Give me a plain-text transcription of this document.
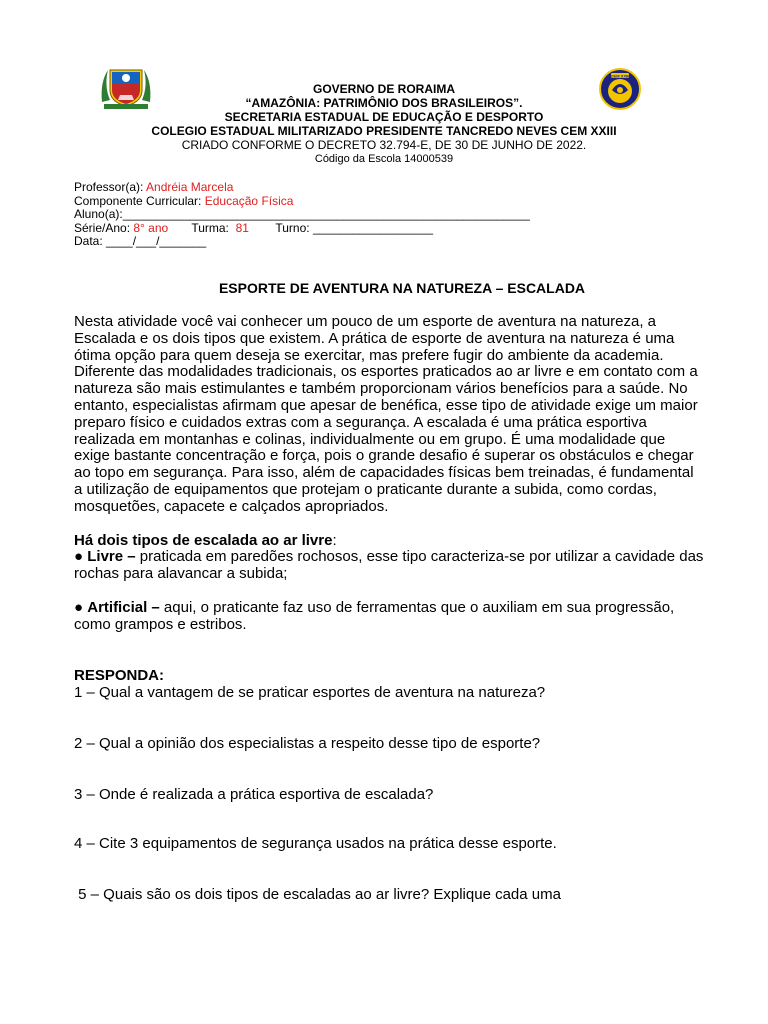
CEM XXIII
GOVERNO DE RORAIMA
“AMAZÔNIA: PATRIMÔNIO DOS BRASILEIROS”.
SECRETARIA ESTADUAL DE EDUCAÇÃO E DESPORTO
COLEGIO ESTADUAL MILITARIZADO PRESIDENTE TANCREDO NEVES CEM XXIII
CRIADO CONFORME O DECRETO 32.794-E, DE 30 DE JUNHO DE 2022.
Código da Escola 14000539
Professor(a): Andréia Marcela
Componente Curricular: Educação Física
Aluno(a):_____________________________________________________________
Série/Ano: 8° ano       Turma:  81        Turno: __________________
Data: ____/___/_______
ESPORTE DE AVENTURA NA NATUREZA – ESCALADA

Nesta atividade você vai conhecer um pouco de um esporte de aventura na natureza, a Escalada e os dois tipos que existem. A prática de esporte de aventura na natureza é uma ótima opção para quem deseja se exercitar, mas prefere fugir do ambiente da academia. Diferente das modalidades tradicionais, os esportes praticados ao ar livre e em contato com a natureza são mais estimulantes e também proporcionam vários benefícios para a saúde. No entanto, especialistas afirmam que apesar de benéfica, esse tipo de atividade exige um maior preparo físico e cuidados extras com a segurança. A escalada é uma prática esportiva realizada em montanhas e colinas, individualmente ou em grupo. É uma modalidade que exige bastante concentração e força, pois o grande desafio é superar os obstáculos e chegar ao topo em segurança. Para isso, além de capacidades físicas bem treinadas, é fundamental a utilização de equipamentos que protejam o praticante durante a subida, como cordas, mosquetões, capacete e calçados apropriados.

Há dois tipos de escalada ao ar livre:

● Livre – praticada em paredões rochosos, esse tipo caracteriza-se por utilizar a cavidade das rochas para alavancar a subida;

● Artificial – aqui, o praticante faz uso de ferramentas que o auxiliam em sua progressão, como grampos e estribos.

RESPONDA:
1 – Qual a vantagem de se praticar esportes de aventura na natureza?
2 – Qual a opinião dos especialistas a respeito desse tipo de esporte?
3 – Onde é realizada a prática esportiva de escalada?
4 – Cite 3 equipamentos de segurança usados na prática desse esporte.
5 – Quais são os dois tipos de escaladas ao ar livre? Explique cada uma
